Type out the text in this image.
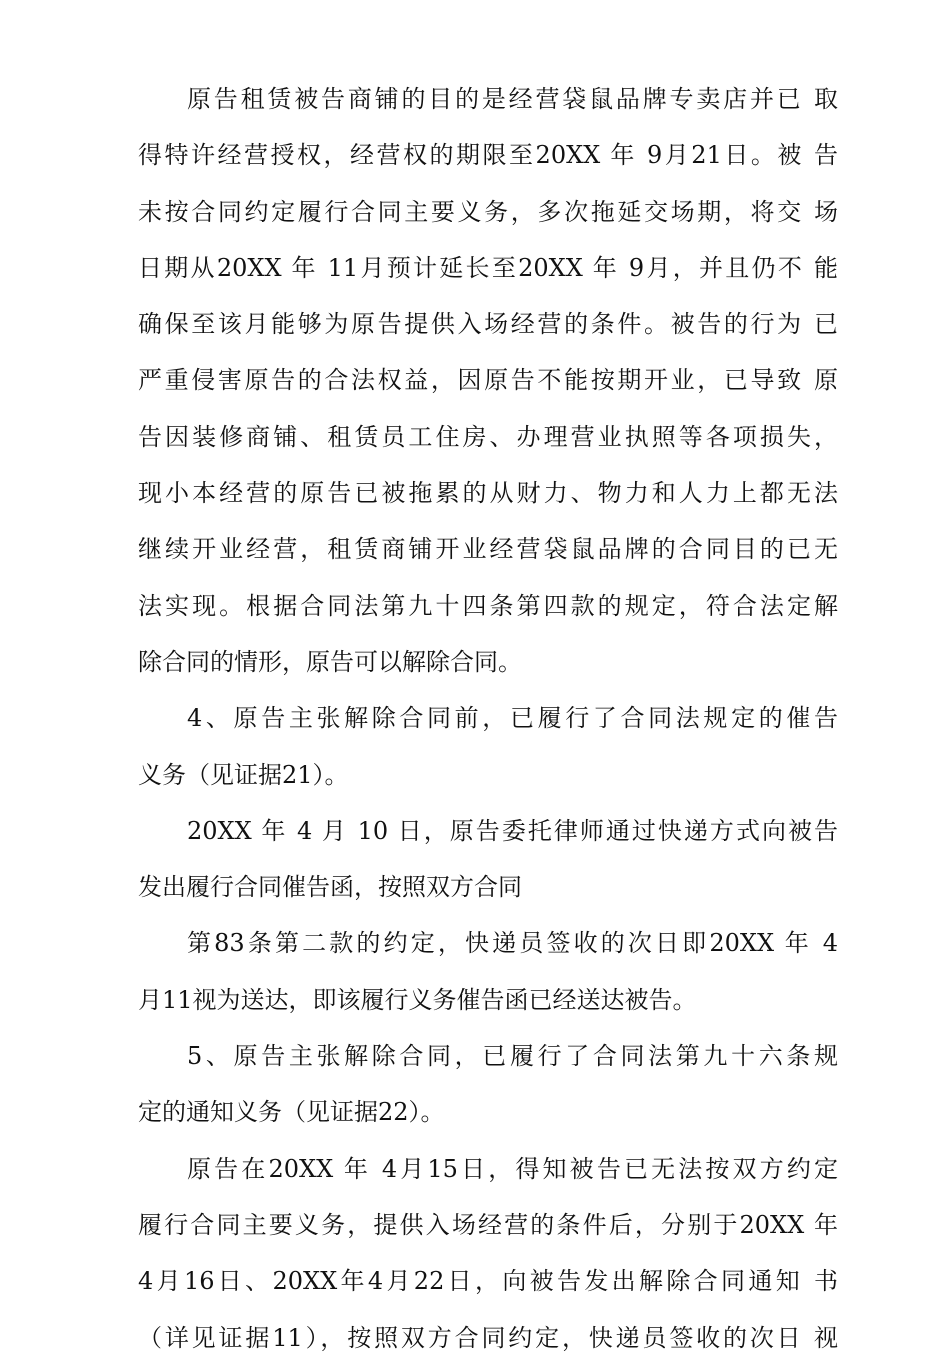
原告租赁被告商铺的目的是经营袋鼠品牌专卖店并已 取
得特许经营授权，经营权的期限至20XX 年 9月21日。被 告
未按合同约定履行合同主要义务，多次拖延交场期，将交 场
日期从20XX 年 11月预计延长至20XX 年 9月，并且仍不 能
确保至该月能够为原告提供入场经营的条件。被告的行为 已
严重侵害原告的合法权益，因原告不能按期开业，已导致 原
告因装修商铺、租赁员工住房、办理营业执照等各项损失，
现小本经营的原告已被拖累的从财力、物力和人力上都无法
继续开业经营，租赁商铺开业经营袋鼠品牌的合同目的已无
法实现。根据合同法第九十四条第四款的规定，符合法定解
除合同的情形，原告可以解除合同。
4、原告主张解除合同前，已履行了合同法规定的催告
义务（见证据21）。
20XX 年 4 月 10 日，原告委托律师通过快递方式向被告
发出履行合同催告函，按照双方合同
第83条第二款的约定，快递员签收的次日即20XX 年 4
月11视为送达，即该履行义务催告函已经送达被告。
5、原告主张解除合同，已履行了合同法第九十六条规
定的通知义务（见证据22）。
原告在20XX 年 4月15日，得知被告已无法按双方约定
履行合同主要义务，提供入场经营的条件后，分别于20XX 年
4月16日、20XX年4月22日，向被告发出解除合同通知 书
（详见证据11），按照双方合同约定，快递员签收的次日 视
